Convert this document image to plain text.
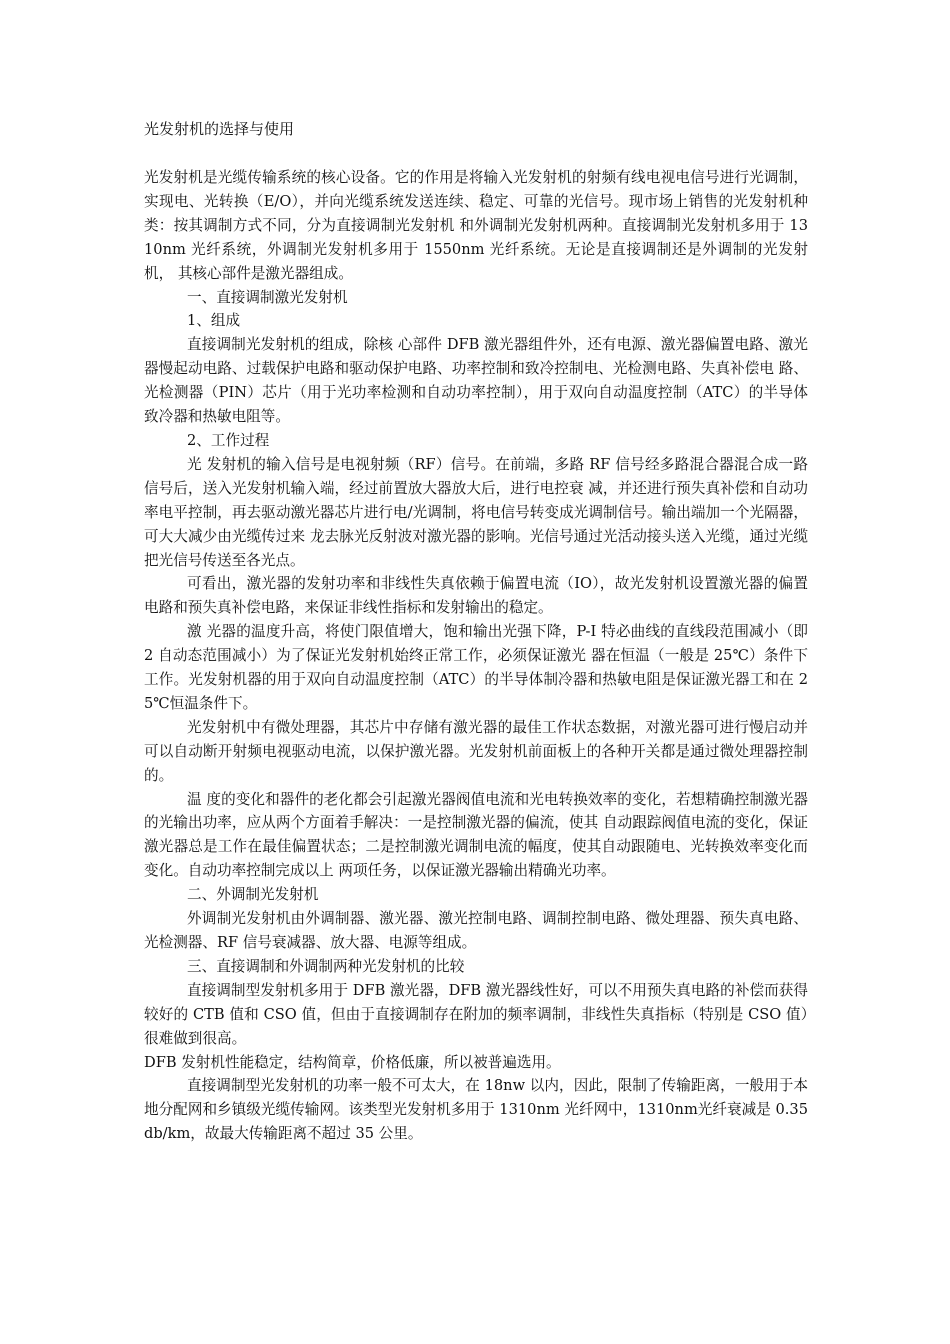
光发射机的选择与使用

光发射机是光缆传输系统的核心设备。它的作用是将输入光发射机的射频有线电视电信号进行光调制，实现电、光转换（E/O），并向光缆系统发送连续、稳定、可靠的光信号。现市场上销售的光发射机种类：按其调制方式不同，分为直接调制光发射机 和外调制光发射机两种。直接调制光发射机多用于 1310nm 光纤系统，外调制光发射机多用于 1550nm 光纤系统。无论是直接调制还是外调制的光发射机， 其核心部件是激光器组成。

一、直接调制激光发射机

1、组成

直接调制光发射机的组成，除核 心部件 DFB 激光器组件外，还有电源、激光器偏置电路、激光器慢起动电路、过载保护电路和驱动保护电路、功率控制和致冷控制电、光检测电路、失真补偿电 路、光检测器（PIN）芯片（用于光功率检测和自动功率控制），用于双向自动温度控制（ATC）的半导体致冷器和热敏电阻等。

2、工作过程

光 发射机的输入信号是电视射频（RF）信号。在前端，多路 RF 信号经多路混合器混合成一路信号后，送入光发射机输入端，经过前置放大器放大后，进行电控衰 减，并还进行预失真补偿和自动功率电平控制，再去驱动激光器芯片进行电/光调制，将电信号转变成光调制信号。输出端加一个光隔器，可大大减少由光缆传过来 龙去脉光反射波对激光器的影响。光信号通过光活动接头送入光缆，通过光缆把光信号传送至各光点。

可看出，激光器的发射功率和非线性失真依赖于偏置电流（IO），故光发射机设置激光器的偏置电路和预失真补偿电路，来保证非线性指标和发射输出的稳定。

激 光器的温度升高，将使门限值增大，饱和输出光强下降，P-I 特必曲线的直线段范围减小（即 2 自动态范围减小）为了保证光发射机始终正常工作，必须保证激光 器在恒温（一般是 25℃）条件下工作。光发射机器的用于双向自动温度控制（ATC）的半导体制冷器和热敏电阻是保证激光器工和在 25℃恒温条件下。

光发射机中有微处理器，其芯片中存储有激光器的最佳工作状态数据，对激光器可进行慢启动并可以自动断开射频电视驱动电流，以保护激光器。光发射机前面板上的各种开关都是通过微处理器控制的。

温 度的变化和器件的老化都会引起激光器阀值电流和光电转换效率的变化，若想精确控制激光器的光输出功率，应从两个方面着手解决：一是控制激光器的偏流，使其 自动跟踪阀值电流的变化，保证激光器总是工作在最佳偏置状态；二是控制激光调制电流的幅度，使其自动跟随电、光转换效率变化而变化。自动功率控制完成以上 两项任务，以保证激光器输出精确光功率。

二、外调制光发射机

外调制光发射机由外调制器、激光器、激光控制电路、调制控制电路、微处理器、预失真电路、光检测器、RF 信号衰减器、放大器、电源等组成。

三、直接调制和外调制两种光发射机的比较

直接调制型发射机多用于 DFB 激光器，DFB 激光器线性好，可以不用预失真电路的补偿而获得较好的 CTB 值和 CSO 值，但由于直接调制存在附加的频率调制，非线性失真指标（特别是 CSO 值）很难做到很高。

DFB 发射机性能稳定，结构简章，价格低廉，所以被普遍选用。

直接调制型光发射机的功率一般不可太大，在 18nw 以内，因此，限制了传输距离，一般用于本地分配网和乡镇级光缆传输网。该类型光发射机多用于 1310nm 光纤网中，1310nm光纤衰减是 0.35db/km，故最大传输距离不超过 35 公里。
